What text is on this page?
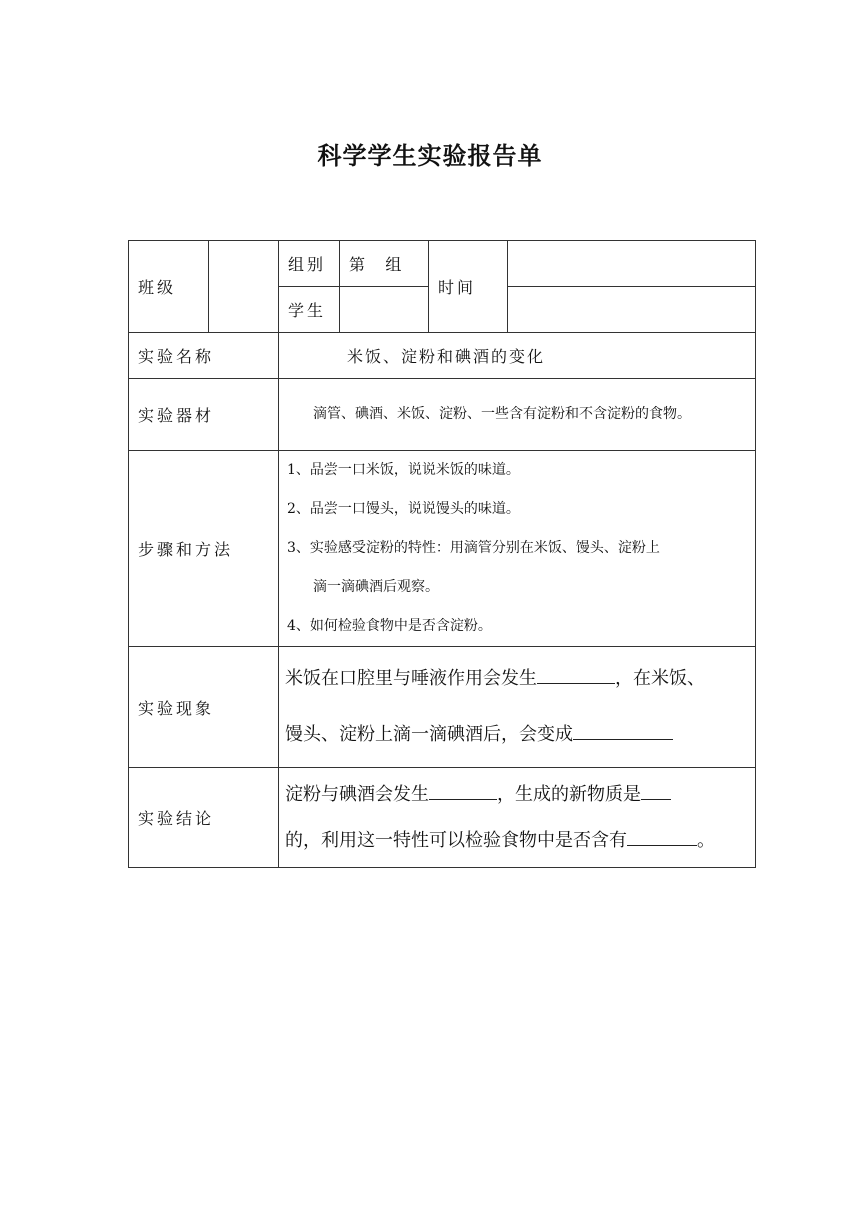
科学学生实验报告单
班级		组别	第    组	时间	
		学生			
实验名称		米饭、淀粉和碘酒的变化			
实验器材		滴管、碘酒、米饭、淀粉、一些含有淀粉和不含淀粉的食物。			
步骤和方法		1、品尝一口米饭，说说米饭的味道。

2、品尝一口馒头，说说馒头的味道。

3、实验感受淀粉的特性：用滴管分别在米饭、馒头、淀粉上

滴一滴碘酒后观察。

4、如何检验食物中是否含淀粉。			

实验现象		米饭在口腔里与唾液作用会发生 ，在米饭、
馒头、淀粉上滴一滴碘酒后，会变成			

实验结论		淀粉与碘酒会发生 ，生成的新物质是
的，利用这一特性可以检验食物中是否含有 。			
